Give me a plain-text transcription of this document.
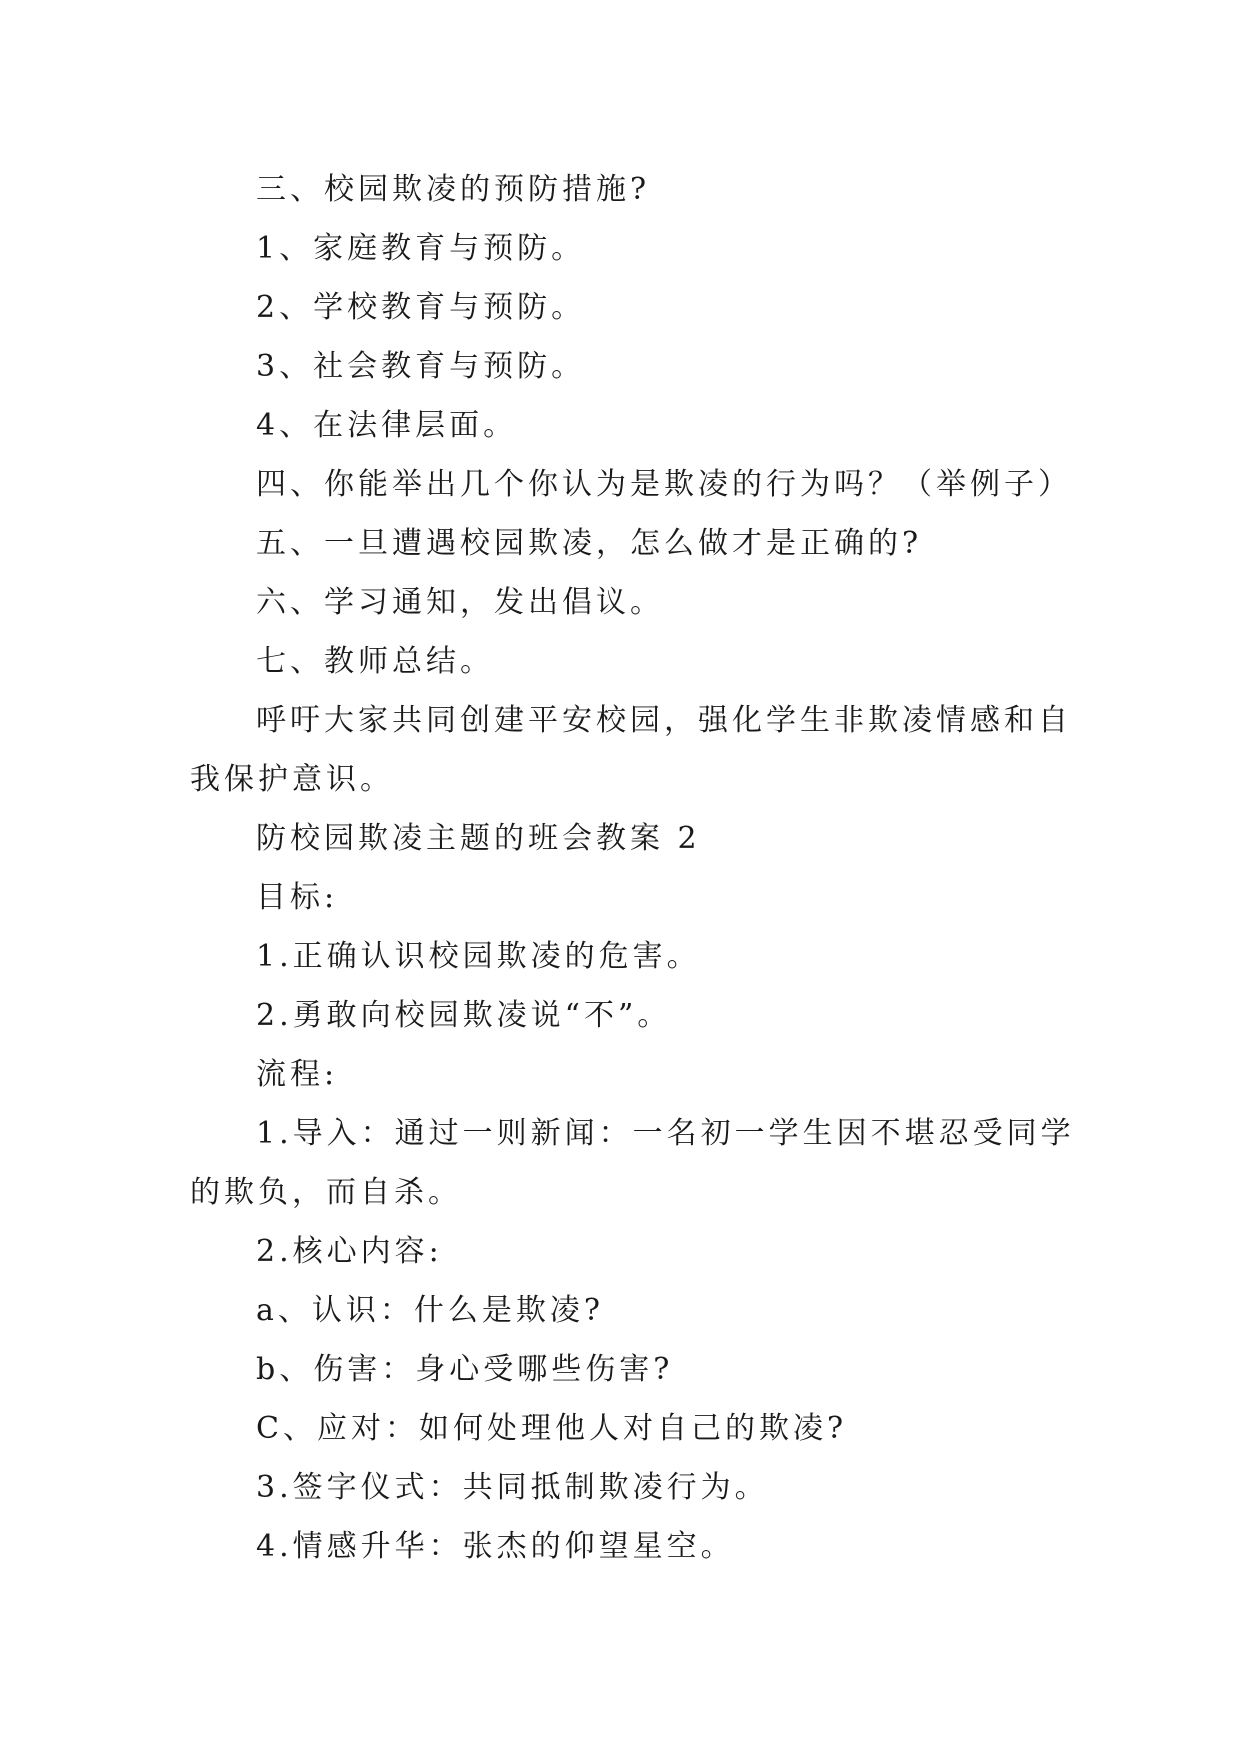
三、校园欺凌的预防措施?
1、家庭教育与预防。
2、学校教育与预防。
3、社会教育与预防。
4、在法律层面。
四、你能举出几个你认为是欺凌的行为吗？（举例子）
五、一旦遭遇校园欺凌，怎么做才是正确的?
六、学习通知，发出倡议。
七、教师总结。
呼吁大家共同创建平安校园，强化学生非欺凌情感和自
我保护意识。
防校园欺凌主题的班会教案 2
目标:
1.正确认识校园欺凌的危害。
2.勇敢向校园欺凌说“不”。
流程:
1.导入：通过一则新闻：一名初一学生因不堪忍受同学
的欺负，而自杀。
2.核心内容:
a、认识：什么是欺凌?
b、伤害：身心受哪些伤害?
C、应对：如何处理他人对自己的欺凌?
3.签字仪式：共同抵制欺凌行为。
4.情感升华：张杰的仰望星空。
